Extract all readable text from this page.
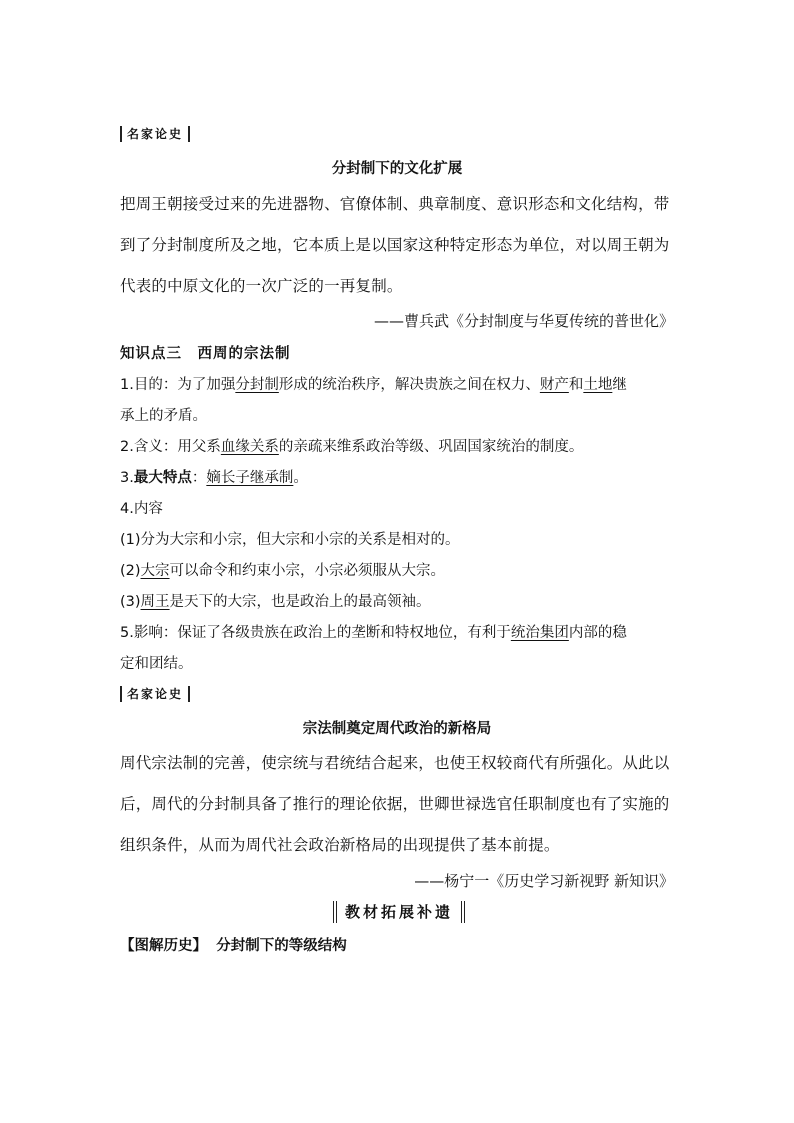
名家论史
分封制下的文化扩展
把周王朝接受过来的先进器物、官僚体制、典章制度、意识形态和文化结构，带
到了分封制度所及之地，它本质上是以国家这种特定形态为单位，对以周王朝为
代表的中原文化的一次广泛的一再复制。
——曹兵武《分封制度与华夏传统的普世化》
知识点三　西周的宗法制
1.目的：为了加强分封制形成的统治秩序，解决贵族之间在权力、财产和土地继
承上的矛盾。
2.含义：用父系血缘关系的亲疏来维系政治等级、巩固国家统治的制度。
3.最大特点：嫡长子继承制。
4.内容
(1)分为大宗和小宗，但大宗和小宗的关系是相对的。
(2)大宗可以命令和约束小宗，小宗必须服从大宗。
(3)周王是天下的大宗，也是政治上的最高领袖。
5.影响：保证了各级贵族在政治上的垄断和特权地位，有利于统治集团内部的稳
定和团结。
名家论史
宗法制奠定周代政治的新格局
周代宗法制的完善，使宗统与君统结合起来，也使王权较商代有所强化。从此以
后，周代的分封制具备了推行的理论依据，世卿世禄选官任职制度也有了实施的
组织条件，从而为周代社会政治新格局的出现提供了基本前提。
——杨宁一《历史学习新视野 新知识》
教材拓展补遗
【图解历史】 分封制下的等级结构
